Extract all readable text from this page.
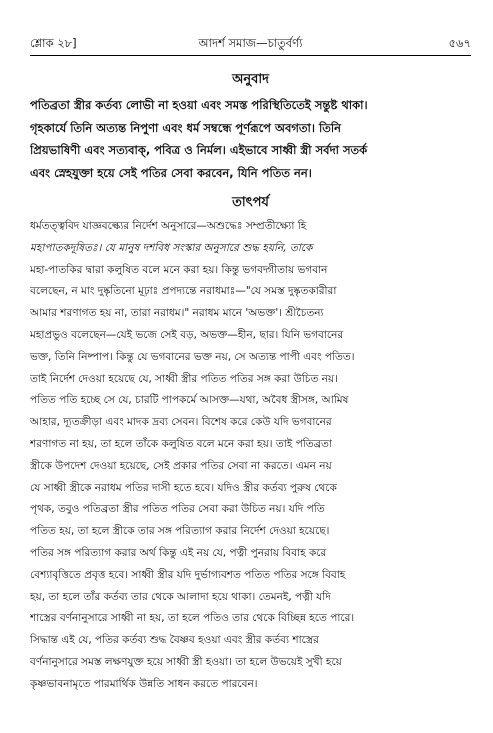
শ্লোক ২৮]	আদর্শ সমাজ—চাতুর্বর্ণ্য	৫৬৭
অনুবাদ
পতিব্রতা স্ত্রীর কর্তব্য লোভী না হওয়া এবং সমস্ত পরিস্থিতিতেই সন্তুষ্ট থাকা।
গৃহকার্যে তিনি অত্যন্ত নিপুণা এবং ধর্ম সম্বন্ধে পূর্ণরূপে অবগতা। তিনি
প্রিয়ভাষিণী এবং সত্যবাক্, পবিত্র ও নির্মল। এইভাবে সাধ্বী স্ত্রী সর্বদা সতর্ক
এবং স্নেহযুক্তা হয়ে সেই পতির সেবা করবেন, যিনি পতিত নন।
তাৎপর্য
ধর্মতত্ত্ববিদ যাজ্ঞবল্ক্যের নির্দেশ অনুসারে—অশুদ্ধেঃ সম্প্রতীক্ষ্যো হি
মহাপাতকদূষিতঃ। যে মানুষ দশবিধ সংস্কার অনুসারে শুদ্ধ হয়নি, তাকে
মহা-পাতকির দ্বারা কলুষিত বলে মনে করা হয়। কিন্তু ভগবদ্গীতায় ভগবান
বলেছেন, ন মাং দুষ্কৃতিনো মূঢ়াঃ প্রপদ্যন্তে নরাধমাঃ—"যে সমস্ত দুষ্কৃতকারীরা
আমার শরণাগত হয় না, তারা নরাধম।" নরাধম মানে 'অভক্ত'। শ্রীচৈতন্য
মহাপ্রভুও বলেছেন—যেই ভজে সেই বড়, অভক্ত—হীন, ছার। যিনি ভগবানের
ভক্ত, তিনি নিষ্পাপ। কিন্তু যে ভগবানের ভক্ত নয়, সে অত্যন্ত পাপী এবং পতিত।
তাই নির্দেশ দেওয়া হয়েছে যে, সাধ্বী স্ত্রীর পতিত পতির সঙ্গ করা উচিত নয়।
পতিত পতি হচ্ছে সে যে, চারটি পাপকর্মে আসক্ত—যথা, অবৈধ স্ত্রীসঙ্গ, আমিষ
আহার, দ্যূতক্রীড়া এবং মাদক দ্রব্য সেবন। বিশেষ করে কেউ যদি ভগবানের
শরণাগত না হয়, তা হলে তাঁকে কলুষিত বলে মনে করা হয়। তাই পতিব্রতা
স্ত্রীকে উপদেশ দেওয়া হয়েছে, সেই প্রকার পতির সেবা না করতে। এমন নয়
যে সাধ্বী স্ত্রীকে নরাধম পতির দাসী হতে হবে। যদিও স্ত্রীর কর্তব্য পুরুষ থেকে
পৃথক, তবুও পতিব্রতা স্ত্রীর পতিত পতির সেবা করা উচিত নয়। যদি পতি
পতিত হয়, তা হলে স্ত্রীকে তার সঙ্গ পরিত্যাগ করার নির্দেশ দেওয়া হয়েছে।
পতির সঙ্গ পরিত্যাগ করার অর্থ কিন্তু এই নয় যে, পত্নী পুনরায় বিবাহ করে
বেশ্যাবৃত্তিতে প্রবৃত্ত হবে। সাধ্বী স্ত্রীর যদি দুর্ভাগ্যবশত পতিত পতির সঙ্গে বিবাহ
হয়, তা হলে তাঁর কর্তব্য তার থেকে আলাদা হয়ে থাকা। তেমনই, পত্নী যদি
শাস্ত্রের বর্ণনানুসারে সাধ্বী না হয়, তা হলে পতিও তার থেকে বিচ্ছিন্ন হতে পারে।
সিদ্ধান্ত এই যে, পতির কর্তব্য শুদ্ধ বৈষ্ণব হওয়া এবং স্ত্রীর কর্তব্য শাস্ত্রের
বর্ণনানুসারে সমস্ত লক্ষণযুক্ত হয়ে সাধ্বী স্ত্রী হওয়া। তা হলে উভয়েই সুখী হয়ে
কৃষ্ণভাবনামৃতে পারমার্থিক উন্নতি সাধন করতে পারবেন।
